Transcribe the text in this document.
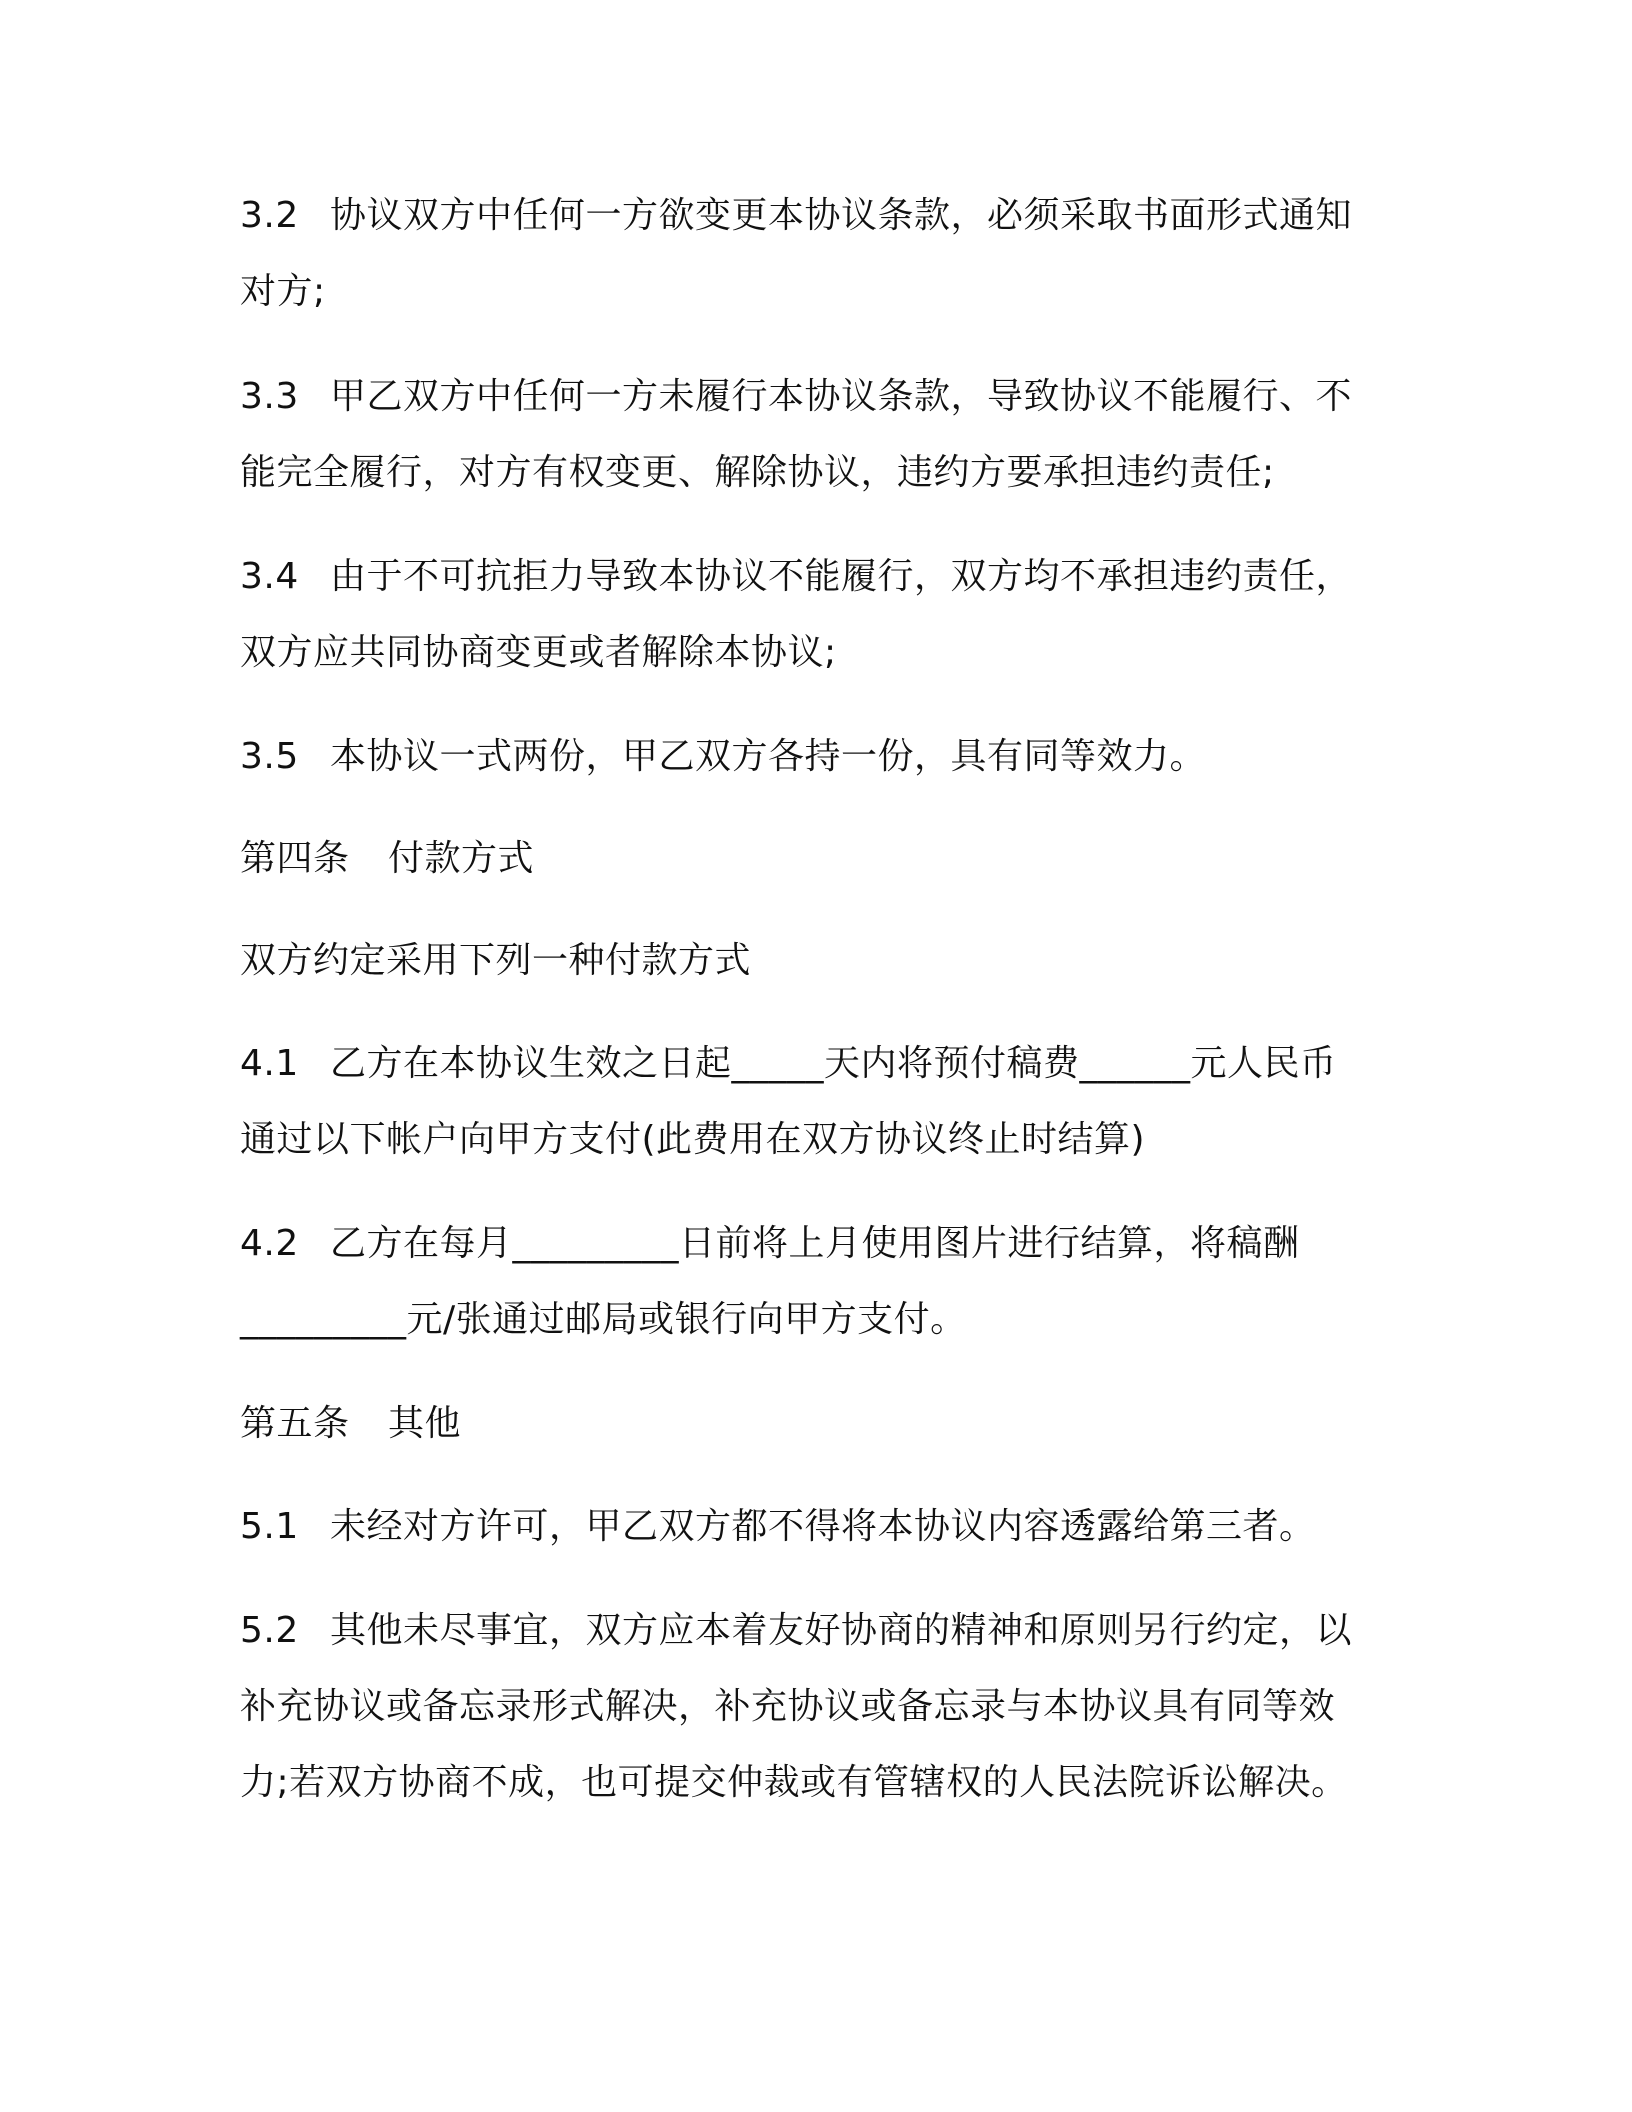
3.2 协议双方中任何一方欲变更本协议条款，必须采取书面形式通知
对方;
3.3 甲乙双方中任何一方未履行本协议条款，导致协议不能履行、不
能完全履行，对方有权变更、解除协议，违约方要承担违约责任;
3.4 由于不可抗拒力导致本协议不能履行，双方均不承担违约责任，
双方应共同协商变更或者解除本协议;
3.5 本协议一式两份，甲乙双方各持一份，具有同等效力。
第四条 付款方式
双方约定采用下列一种付款方式
4.1 乙方在本协议生效之日起_____天内将预付稿费______元人民币
通过以下帐户向甲方支付(此费用在双方协议终止时结算)
4.2 乙方在每月_________日前将上月使用图片进行结算，将稿酬
_________元/张通过邮局或银行向甲方支付。
第五条 其他
5.1 未经对方许可，甲乙双方都不得将本协议内容透露给第三者。
5.2 其他未尽事宜，双方应本着友好协商的精神和原则另行约定，以
补充协议或备忘录形式解决，补充协议或备忘录与本协议具有同等效
力;若双方协商不成，也可提交仲裁或有管辖权的人民法院诉讼解决。
